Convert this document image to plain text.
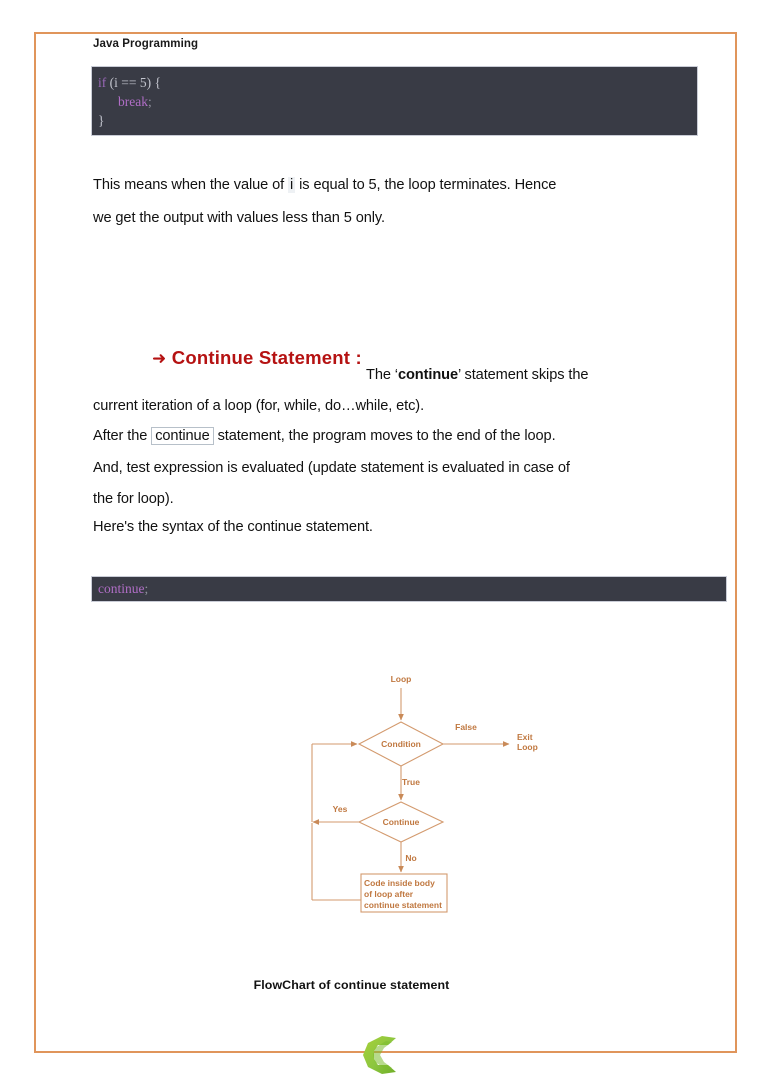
Java Programming
if (i == 5) {
break;
}
This means when the value of i is equal to 5, the loop terminates. Hence
we get the output with values less than 5 only.
➜ Continue Statement :
The ‘continue’ statement skips the
current iteration of a loop (for, while, do…while, etc).
After the continue statement, the program moves to the end of the loop.
And, test expression is evaluated (update statement is evaluated in case of
the for loop).
Here's the syntax of the continue statement.
continue;
Loop
Condition
False
Exit
Loop
True
Continue
Yes
No
Code inside body
of loop after
continue statement
FlowChart of continue statement
